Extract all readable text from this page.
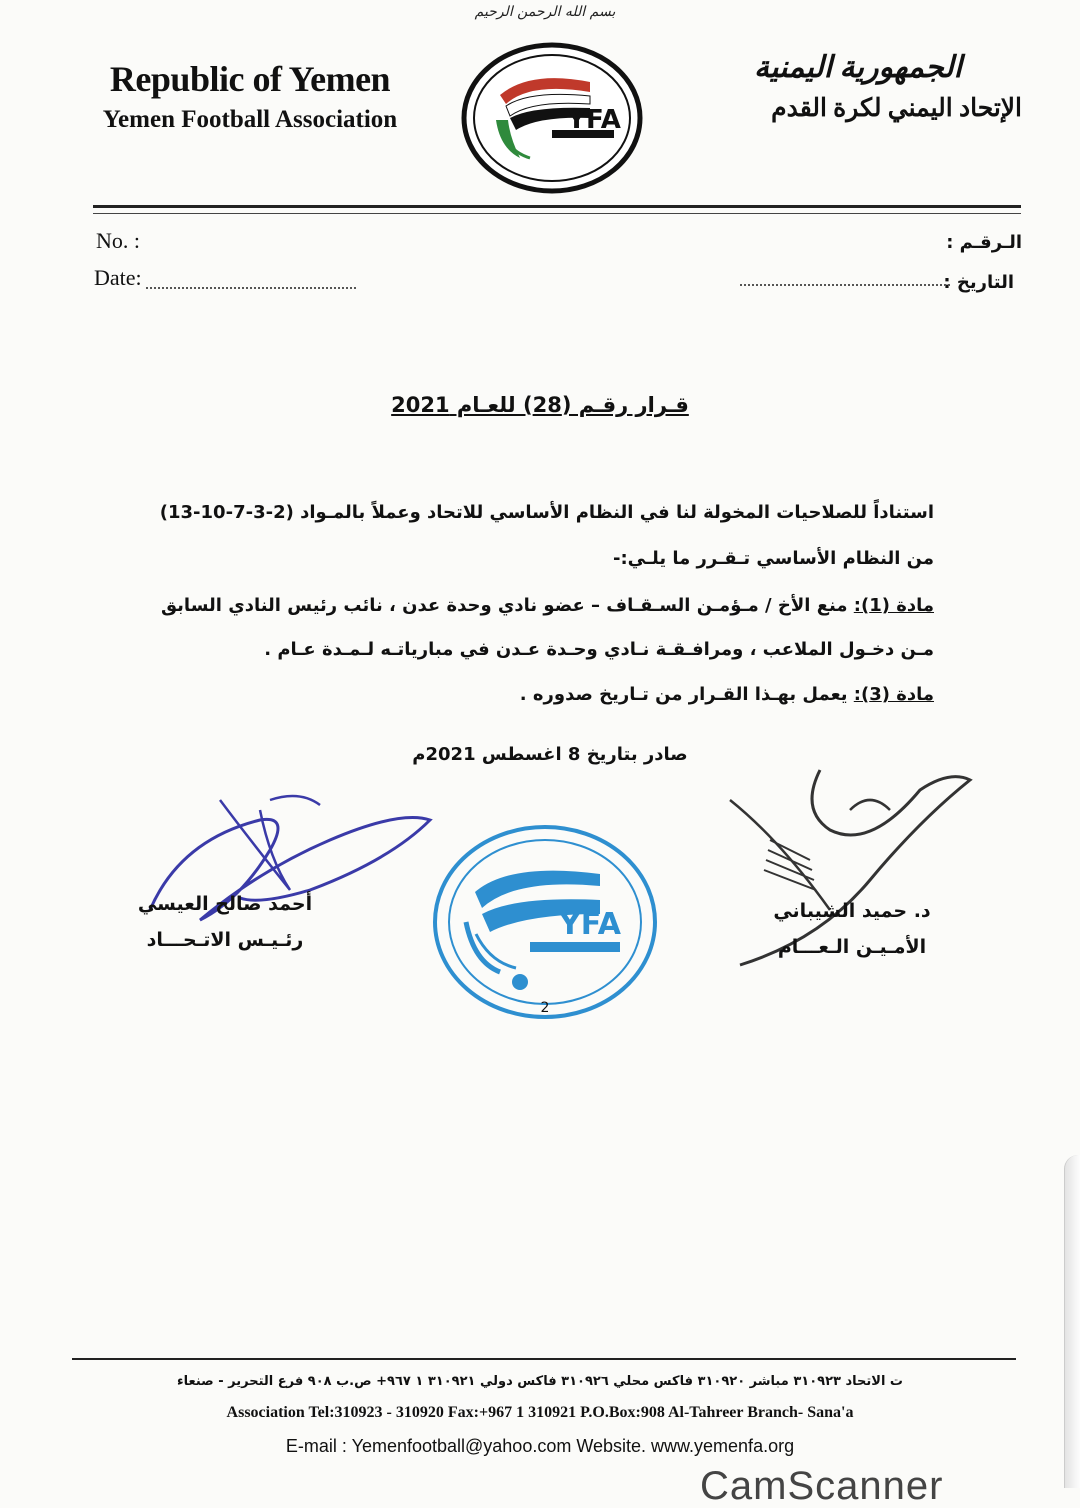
بسم الله الرحمن الرحيم
Republic of Yemen
Yemen Football Association
الجمهورية اليمنية
الإتحاد اليمني لكرة القدم
YFA
No. :
Date:
الـرقـم :
التاريخ :
قـرار رقـم (28) للعـام 2021
استناداً للصلاحيات المخولة لنا في النظام الأساسي للاتحاد وعملاً بالمـواد (2-3-7-10-13)
من النظام الأساسي تـقـرر ما يلـي:-
مادة (1): منع الأخ / مـؤمـن السـقـاف – عضو نادي وحدة عدن ، نائب رئيس النادي السابق
مـن دخـول الملاعب ، ومرافـقـة نـادي وحـدة عـدن في مبارياتـه لـمـدة عـام .
مادة (3): يعمل بهـذا القـرار من تـاريخ صدوره .
صادر بتاريخ 8 اغسطس 2021م
أحمد صالح العيسي
رئـيـس الاتـحـــاد
د. حميد الشيباني
الأمـيـن الـعـــام
YFA
2
ت الاتحاد ٣١٠٩٢٣ مباشر ٣١٠٩٢٠ فاكس محلي ٣١٠٩٢٦ فاكس دولي ٣١٠٩٢١ ١ ٩٦٧+ ص.ب ٩٠٨ فرع التحرير - صنعاء
Association Tel:310923 - 310920 Fax:+967 1 310921 P.O.Box:908 Al-Tahreer Branch- Sana'a
E-mail : Yemenfootball@yahoo.com Website. www.yemenfa.org
CamScanner
